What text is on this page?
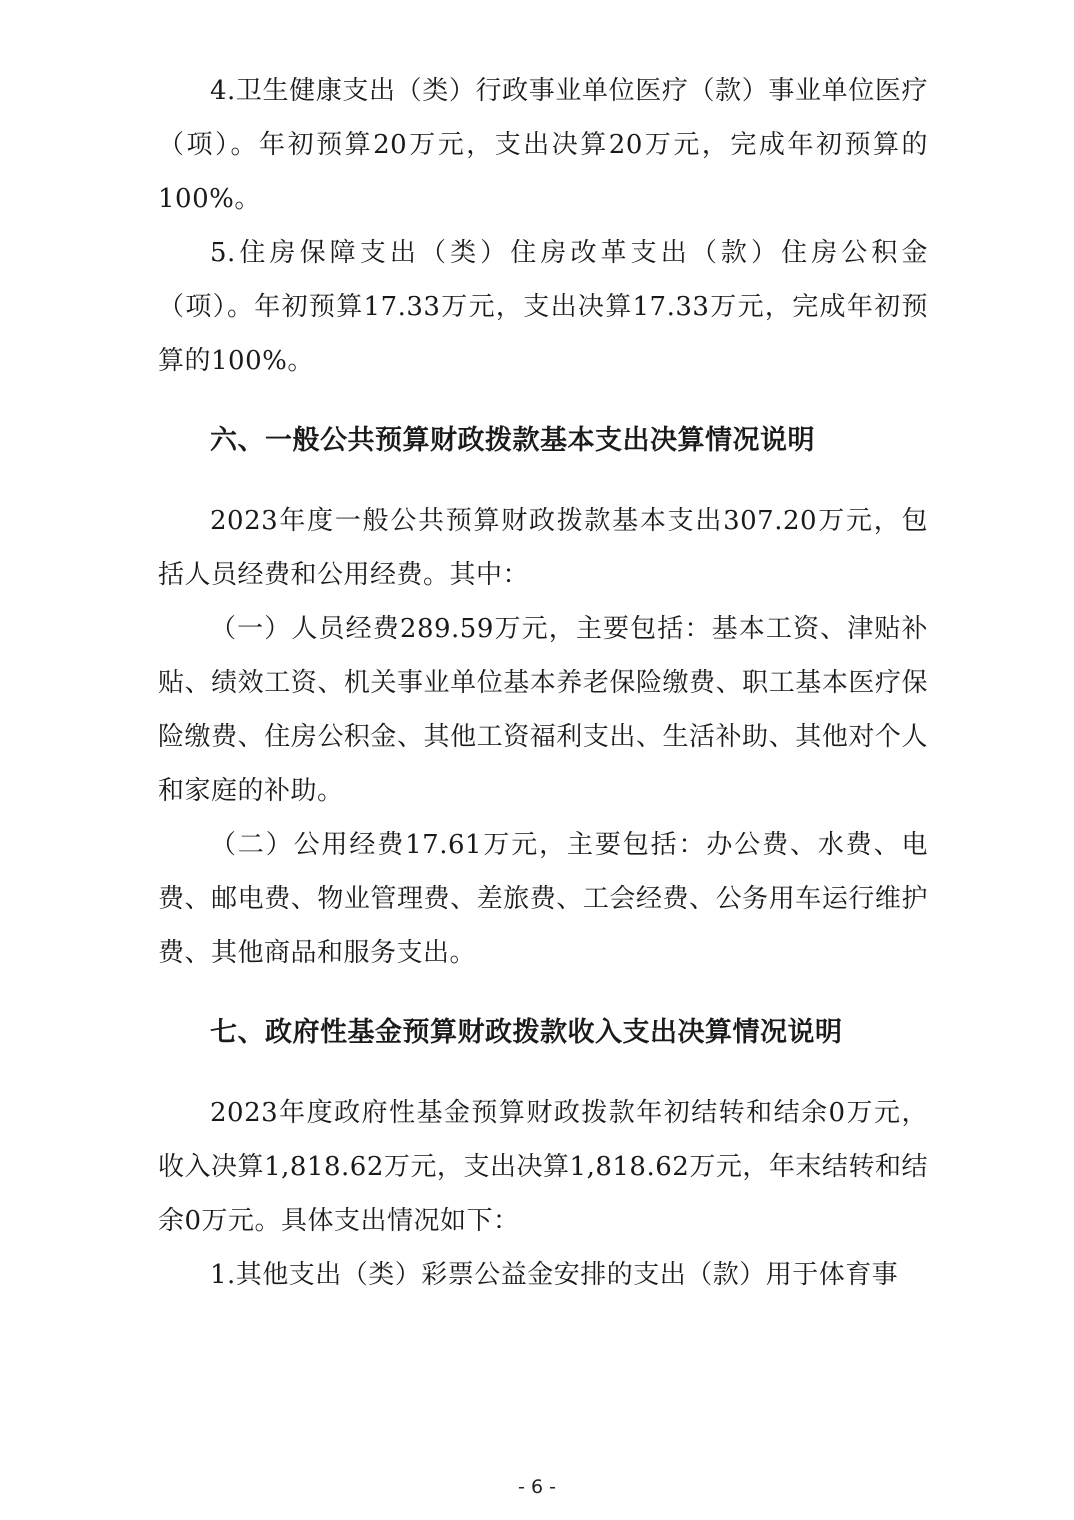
4.卫生健康支出（类）行政事业单位医疗（款）事业单位医疗（项）。年初预算20万元，支出决算20万元，完成年初预算的100%。

5.住房保障支出（类）住房改革支出（款）住房公积金（项）。年初预算17.33万元，支出决算17.33万元，完成年初预算的100%。

六、一般公共预算财政拨款基本支出决算情况说明

2023年度一般公共预算财政拨款基本支出307.20万元，包括人员经费和公用经费。其中：

（一）人员经费289.59万元，主要包括：基本工资、津贴补贴、绩效工资、机关事业单位基本养老保险缴费、职工基本医疗保险缴费、住房公积金、其他工资福利支出、生活补助、其他对个人和家庭的补助。

（二）公用经费17.61万元，主要包括：办公费、水费、电费、邮电费、物业管理费、差旅费、工会经费、公务用车运行维护费、其他商品和服务支出。

七、政府性基金预算财政拨款收入支出决算情况说明

2023年度政府性基金预算财政拨款年初结转和结余0万元，收入决算1,818.62万元，支出决算1,818.62万元，年末结转和结余0万元。具体支出情况如下：

1.其他支出（类）彩票公益金安排的支出（款）用于体育事

- 6 -
